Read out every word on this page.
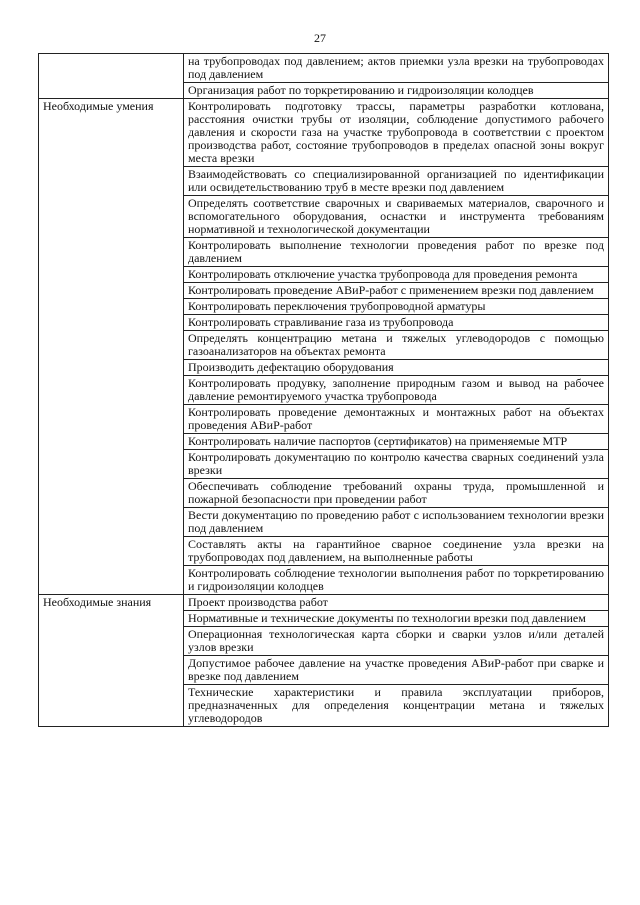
27
	на трубопроводах под давлением; актов приемки узла врезки на трубопроводах под давлением
	Организация работ по торкретированию и гидроизоляции колодцев
Необходимые умения	Контролировать подготовку трассы, параметры разработки котлована, расстояния очистки трубы от изоляции, соблюдение допустимого рабочего давления и скорости газа на участке трубопровода в соответствии с проектом производства работ, состояние трубопроводов в пределах опасной зоны вокруг места врезки
	Взаимодействовать со специализированной организацией по идентификации или освидетельствованию труб в месте врезки под давлением
	Определять соответствие сварочных и свариваемых материалов, сварочного и вспомогательного оборудования, оснастки и инструмента требованиям нормативной и технологической документации
	Контролировать выполнение технологии проведения работ по врезке под давлением
	Контролировать отключение участка трубопровода для проведения ремонта
	Контролировать проведение АВиР-работ с применением врезки под давлением
	Контролировать переключения трубопроводной арматуры
	Контролировать стравливание газа из трубопровода
	Определять концентрацию метана и тяжелых углеводородов с помощью газоанализаторов на объектах ремонта
	Производить дефектацию оборудования
	Контролировать продувку, заполнение природным газом и вывод на рабочее давление ремонтируемого участка трубопровода
	Контролировать проведение демонтажных и монтажных работ на объектах проведения АВиР-работ
	Контролировать наличие паспортов (сертификатов) на применяемые МТР
	Контролировать документацию по контролю качества сварных соединений узла врезки
	Обеспечивать соблюдение требований охраны труда, промышленной и пожарной безопасности при проведении работ
	Вести документацию по проведению работ с использованием технологии врезки под давлением
	Составлять акты на гарантийное сварное соединение узла врезки на трубопроводах под давлением, на выполненные работы
	Контролировать соблюдение технологии выполнения работ по торкретированию и гидроизоляции колодцев
Необходимые знания	Проект производства работ
	Нормативные и технические документы по технологии врезки под давлением
	Операционная технологическая карта сборки и сварки узлов и/или деталей узлов врезки
	Допустимое рабочее давление на участке проведения АВиР-работ при сварке и врезке под давлением
	Технические характеристики и правила эксплуатации приборов, предназначенных для определения концентрации метана и тяжелых углеводородов
